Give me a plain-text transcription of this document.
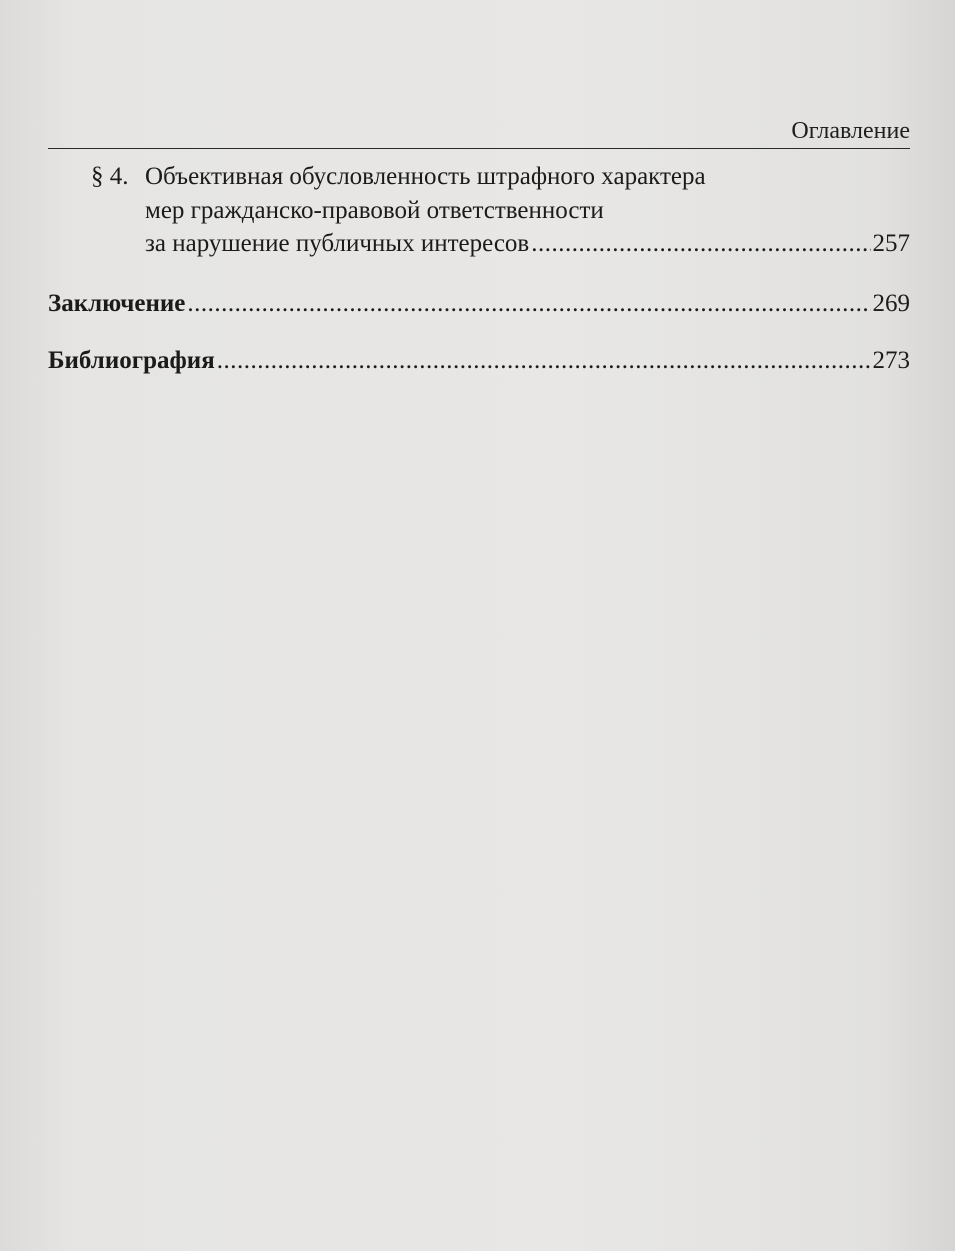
Оглавление
§ 4. Объективная обусловленность штрафного характера
мер гражданско-правовой ответственности
за нарушение публичных интересов .....	257
Заключение .....	269
Библиография .....	273
